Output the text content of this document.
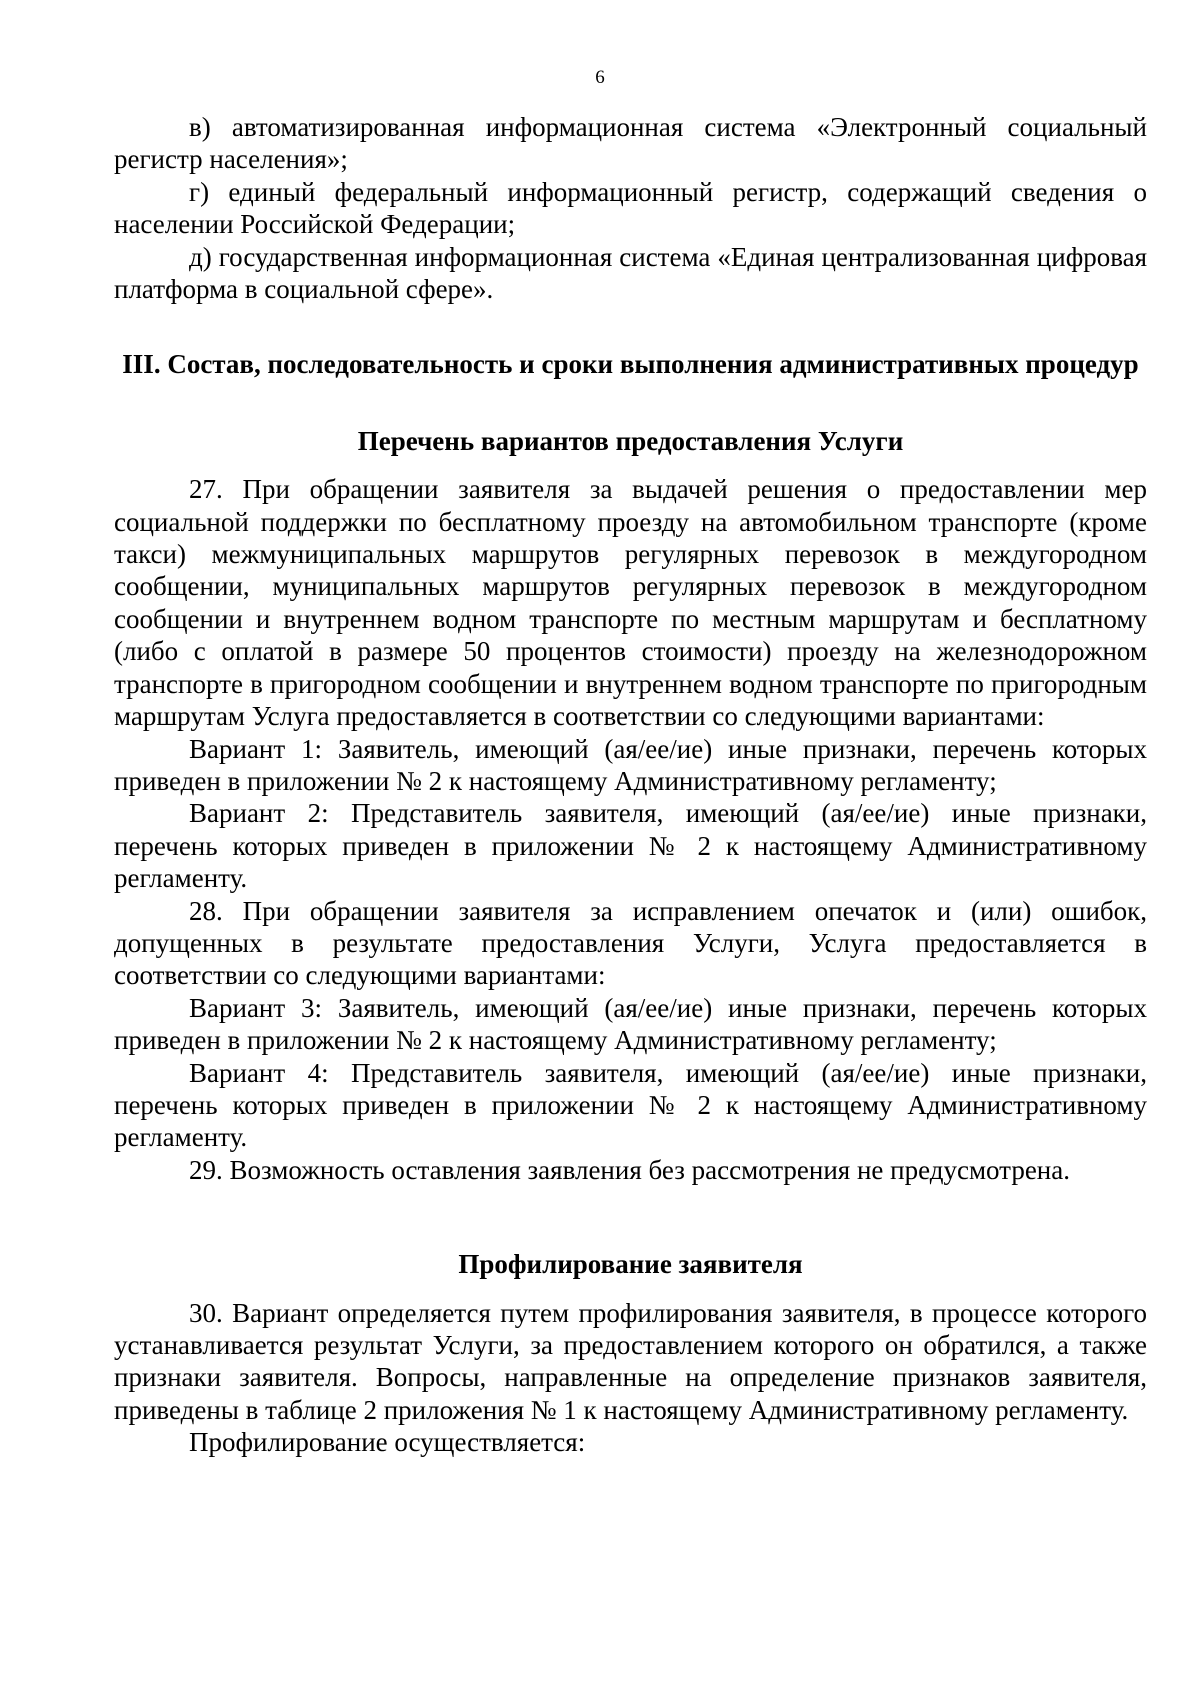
6

в) автоматизированная информационная система «Электронный социальный регистр населения»;

г) единый федеральный информационный регистр, содержащий сведения о населении Российской Федерации;

д) государственная информационная система «Единая централизованная цифровая платформа в социальной сфере».

III. Состав, последовательность и сроки выполнения административных процедур

Перечень вариантов предоставления Услуги

27. При обращении заявителя за выдачей решения о предоставлении мер социальной поддержки по бесплатному проезду на автомобильном транспорте (кроме такси) межмуниципальных маршрутов регулярных перевозок в междугородном сообщении, муниципальных маршрутов регулярных перевозок в междугородном сообщении и внутреннем водном транспорте по местным маршрутам и бесплатному (либо с оплатой в размере 50 процентов стоимости) проезду на железнодорожном транспорте в пригородном сообщении и внутреннем водном транспорте по пригородным маршрутам Услуга предоставляется в соответствии со следующими вариантами:

Вариант 1: Заявитель, имеющий (ая/ее/ие) иные признаки, перечень которых приведен в приложении № 2 к настоящему Административному регламенту;

Вариант 2: Представитель заявителя, имеющий (ая/ее/ие) иные признаки, перечень которых приведен в приложении № 2 к настоящему Административному регламенту.

28. При обращении заявителя за исправлением опечаток и (или) ошибок, допущенных в результате предоставления Услуги, Услуга предоставляется в соответствии со следующими вариантами:

Вариант 3: Заявитель, имеющий (ая/ее/ие) иные признаки, перечень которых приведен в приложении № 2 к настоящему Административному регламенту;

Вариант 4: Представитель заявителя, имеющий (ая/ее/ие) иные признаки, перечень которых приведен в приложении № 2 к настоящему Административному регламенту.

29. Возможность оставления заявления без рассмотрения не предусмотрена.

Профилирование заявителя

30. Вариант определяется путем профилирования заявителя, в процессе которого устанавливается результат Услуги, за предоставлением которого он обратился, а также признаки заявителя. Вопросы, направленные на определение признаков заявителя, приведены в таблице 2 приложения № 1 к настоящему Административному регламенту.

Профилирование осуществляется:
